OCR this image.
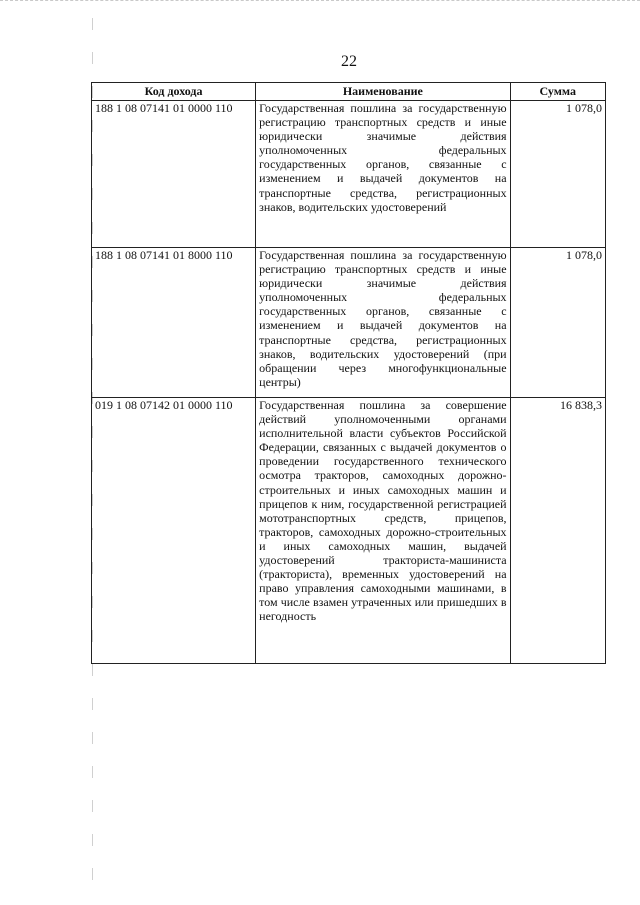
22
Код дохода	Наименование	Сумма
188 1 08 07141 01 0000 110	Государственная пошлина за государственную регистрацию транспортных средств и иные юридически значимые действия уполномоченных федеральных государственных органов, связанные с изменением и выдачей документов на транспортные средства, регистрационных знаков, водительских удостоверений	1 078,0
188 1 08 07141 01 8000 110	Государственная пошлина за государственную регистрацию транспортных средств и иные юридически значимые действия уполномоченных федеральных государственных органов, связанные с изменением и выдачей документов на транспортные средства, регистрационных знаков, водительских удостоверений (при обращении через многофункциональные центры)	1 078,0
019 1 08 07142 01 0000 110	Государственная пошлина за совершение действий уполномоченными органами исполнительной власти субъектов Российской Федерации, связанных с выдачей документов о проведении государственного технического осмотра тракторов, самоходных дорожно-строительных и иных самоходных машин и прицепов к ним, государственной регистрацией мототранспортных средств, прицепов, тракторов, самоходных дорожно-строительных и иных самоходных машин, выдачей удостоверений тракториста-машиниста (тракториста), временных удостоверений на право управления самоходными машинами, в том числе взамен утраченных или пришедших в негодность	16 838,3
